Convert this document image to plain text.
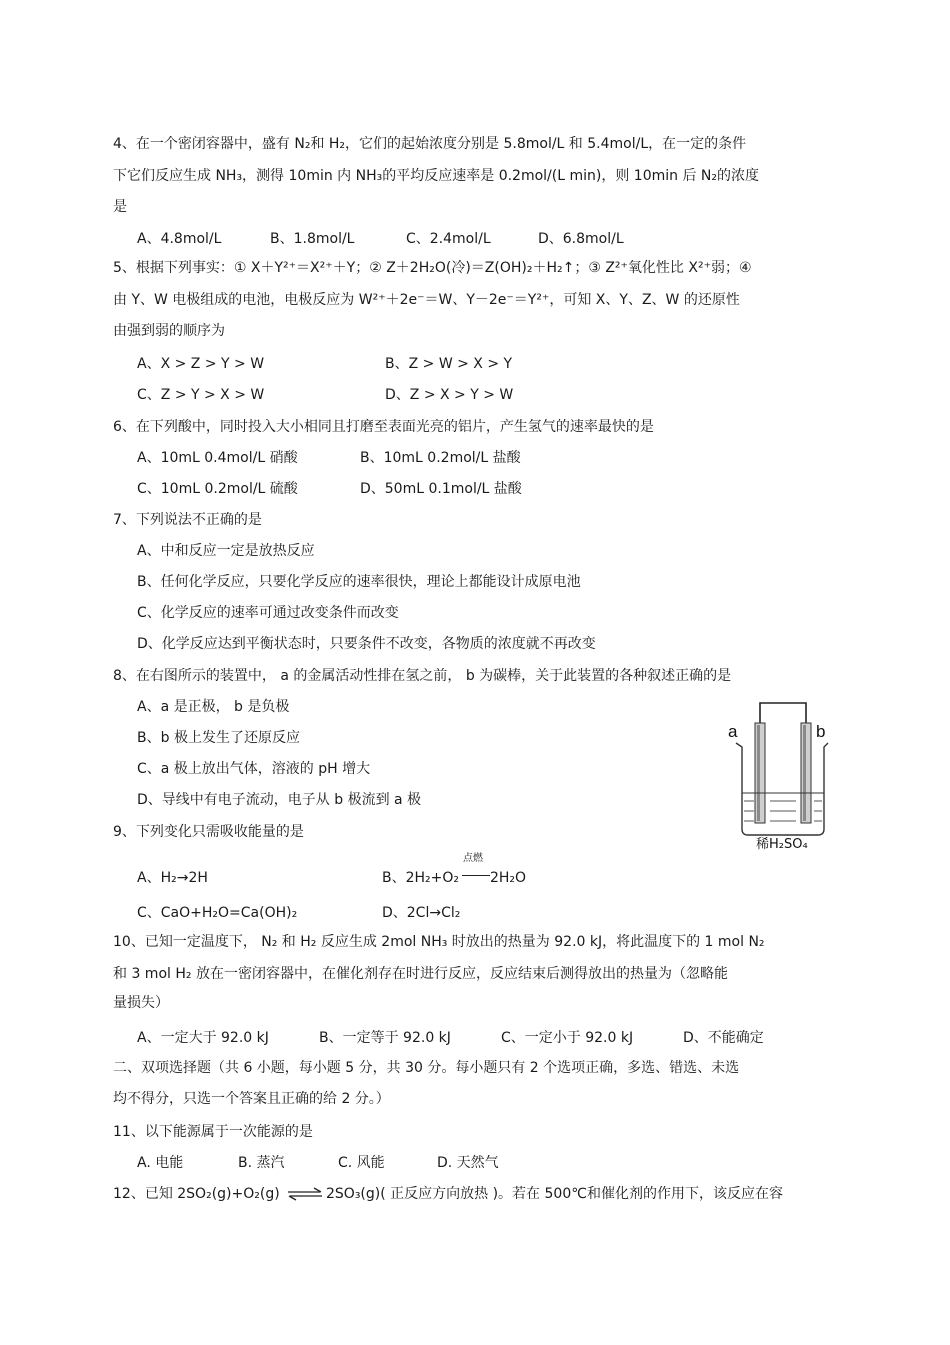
4、在一个密闭容器中，盛有 N₂和 H₂，它们的起始浓度分别是 5.8mol/L 和 5.4mol/L，在一定的条件
下它们反应生成 NH₃，测得 10min 内 NH₃的平均反应速率是 0.2mol/(L min)，则 10min 后 N₂的浓度
是
A、4.8mol/L	B、1.8mol/L	C、2.4mol/L	D、6.8mol/L
5、根据下列事实：① X＋Y²⁺＝X²⁺＋Y；② Z＋2H₂O(冷)＝Z(OH)₂＋H₂↑；③ Z²⁺氧化性比 X²⁺弱；④
由 Y、W 电极组成的电池，电极反应为 W²⁺＋2e⁻＝W、Y－2e⁻＝Y²⁺，可知 X、Y、Z、W 的还原性
由强到弱的顺序为
A、X > Z > Y > W	B、Z > W > X > Y
C、Z > Y > X > W	D、Z > X > Y > W
6、在下列酸中，同时投入大小相同且打磨至表面光亮的铝片，产生氢气的速率最快的是
A、10mL 0.4mol/L 硝酸	B、10mL 0.2mol/L 盐酸
C、10mL 0.2mol/L 硫酸	D、50mL 0.1mol/L 盐酸
7、下列说法不正确的是
A、中和反应一定是放热反应
B、任何化学反应，只要化学反应的速率很快，理论上都能设计成原电池
C、化学反应的速率可通过改变条件而改变
D、化学反应达到平衡状态时，只要条件不改变，各物质的浓度就不再改变
8、在右图所示的装置中， a 的金属活动性排在氢之前， b 为碳棒，关于此装置的各种叙述正确的是
A、a 是正极， b 是负极
B、b 极上发生了还原反应
C、a 极上放出气体，溶液的 pH 增大
D、导线中有电子流动，电子从 b 极流到 a 极
a	b
稀H₂SO₄
9、下列变化只需吸收能量的是
A、H₂→2H	B、2H₂+O₂
点燃
2H₂O
C、CaO+H₂O=Ca(OH)₂	D、2Cl→Cl₂
10、已知一定温度下， N₂ 和 H₂ 反应生成 2mol NH₃ 时放出的热量为 92.0 kJ，将此温度下的 1 mol N₂
和 3 mol H₂ 放在一密闭容器中，在催化剂存在时进行反应，反应结束后测得放出的热量为（忽略能
量损失）
A、一定大于 92.0 kJ	B、一定等于 92.0 kJ	C、一定小于 92.0 kJ	D、不能确定
二、双项选择题（共 6 小题，每小题 5 分，共 30 分。每小题只有 2 个选项正确，多选、错选、未选
均不得分，只选一个答案且正确的给 2 分。）
11、以下能源属于一次能源的是
A. 电能	B. 蒸汽	C. 风能	D. 天然气
12、已知 2SO₂(g)+O₂(g) ⇌ 2SO₃(g)( 正反应方向放热 )。若在 500℃和催化剂的作用下，该反应在容
